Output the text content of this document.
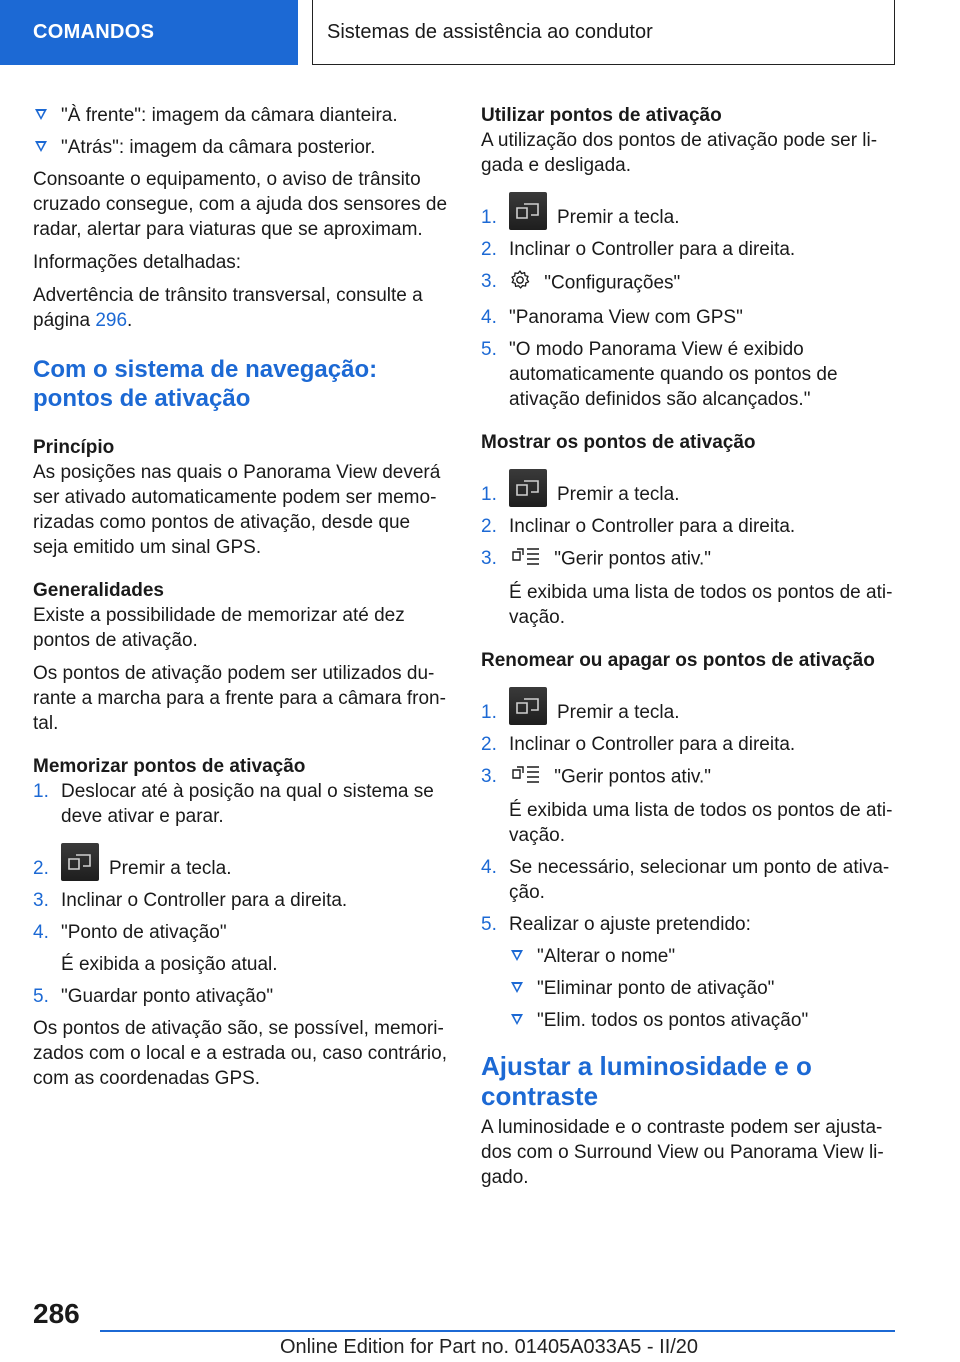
COMANDOS	Sistemas de assistência ao condutor
"À frente": imagem da câmara dianteira.
"Atrás": imagem da câmara posterior.

Consoante o equipamento, o aviso de trânsito cruzado consegue, com a ajuda dos sensores de radar, alertar para viaturas que se aproximam.

Informações detalhadas:

Advertência de trânsito transversal, consulte a página 296.

Com o sistema de navegação: pontos de ativação
Princípio

As posições nas quais o Panorama View deverá ser ativado automaticamente podem ser memorizadas como pontos de ativação, desde que seja emitido um sinal GPS.

Generalidades

Existe a possibilidade de memorizar até dez pontos de ativação.

Os pontos de ativação podem ser utilizados durante a marcha para a frente para a câmara frontal.

Memorizar pontos de ativação
1. Deslocar até à posição na qual o sistema se deve ativar e parar.
2.	Premir a tecla.
3. Inclinar o Controller para a direita.
4. "Ponto de ativação"
É exibida a posição atual.
5. "Guardar ponto ativação"

Os pontos de ativação são, se possível, memorizados com o local e a estrada ou, caso contrário, com as coordenadas GPS.

Utilizar pontos de ativação

A utilização dos pontos de ativação pode ser ligada e desligada.

1.	Premir a tecla.
2. Inclinar o Controller para a direita.
3. "Configurações"
4. "Panorama View com GPS"
5. "O modo Panorama View é exibido automaticamente quando os pontos de ativação definidos são alcançados."
Mostrar os pontos de ativação
1.	Premir a tecla.
2. Inclinar o Controller para a direita.
3.	"Gerir pontos ativ."
É exibida uma lista de todos os pontos de ativação.
Renomear ou apagar os pontos de ativação
1.	Premir a tecla.
2. Inclinar o Controller para a direita.
3.	"Gerir pontos ativ."
É exibida uma lista de todos os pontos de ativação.
4. Se necessário, selecionar um ponto de ativação.
5. Realizar o ajuste pretendido:
"Alterar o nome"
"Eliminar ponto de ativação"
"Elim. todos os pontos ativação"
Ajustar a luminosidade e o contraste

A luminosidade e o contraste podem ser ajustados com o Surround View ou Panorama View ligado.

286
Online Edition for Part no. 01405A033A5 - II/20
